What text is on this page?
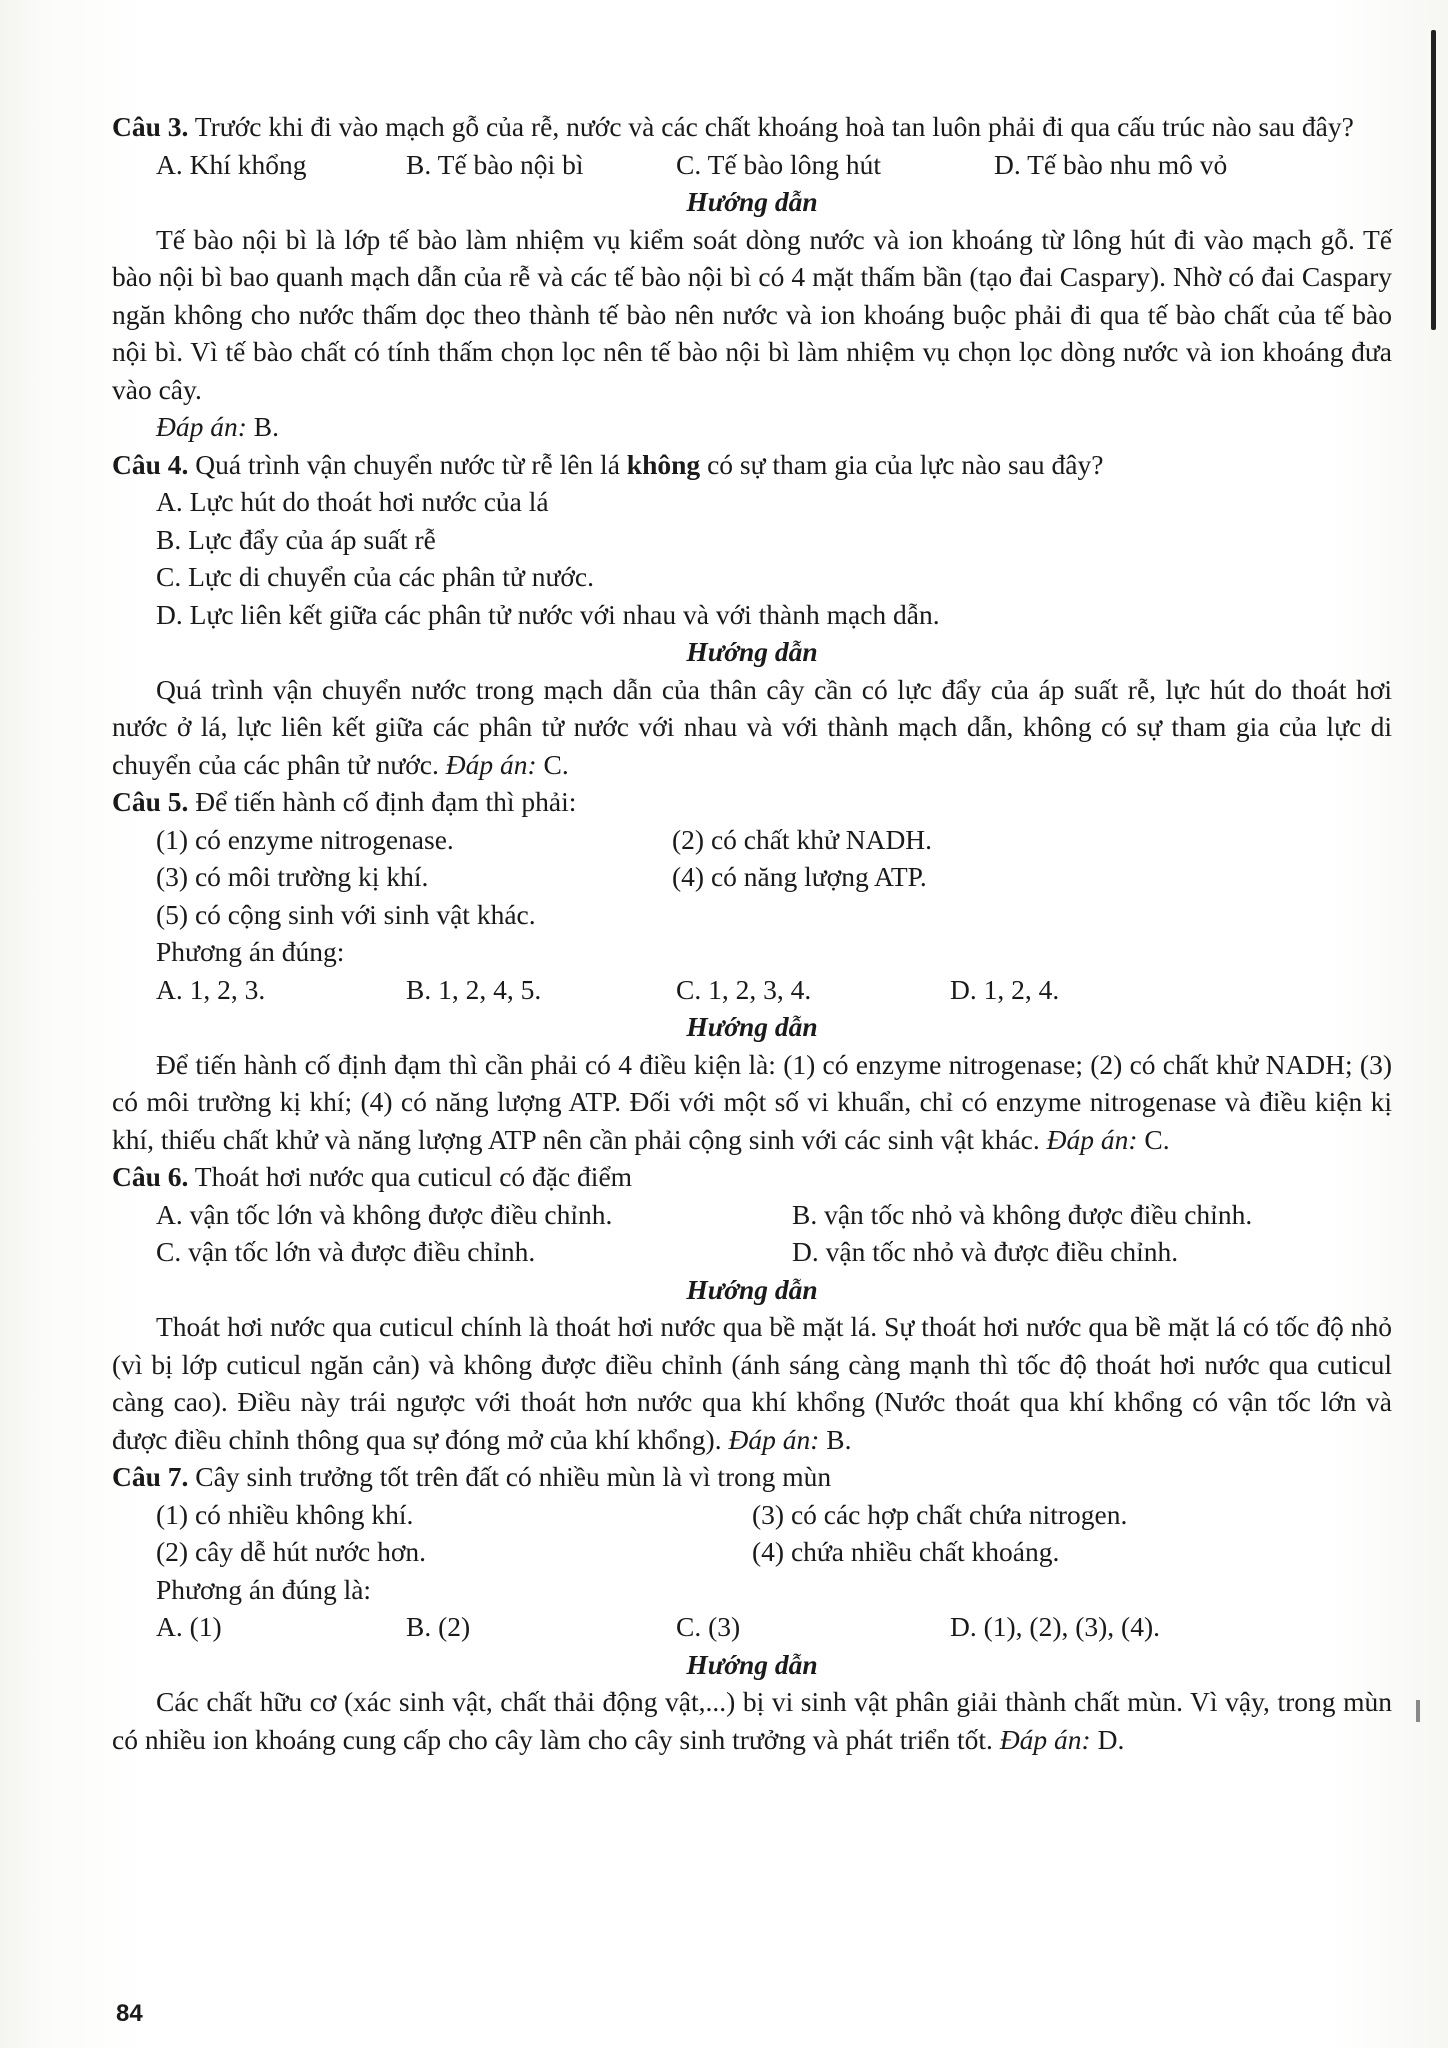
Câu 3. Trước khi đi vào mạch gỗ của rễ, nước và các chất khoáng hoà tan luôn phải đi qua cấu trúc nào sau đây?

A. Khí khổng	B. Tế bào nội bì	C. Tế bào lông hút	D. Tế bào nhu mô vỏ

Hướng dẫn

Tế bào nội bì là lớp tế bào làm nhiệm vụ kiểm soát dòng nước và ion khoáng từ lông hút đi vào mạch gỗ. Tế bào nội bì bao quanh mạch dẫn của rễ và các tế bào nội bì có 4 mặt thấm bần (tạo đai Caspary). Nhờ có đai Caspary ngăn không cho nước thấm dọc theo thành tế bào nên nước và ion khoáng buộc phải đi qua tế bào chất của tế bào nội bì. Vì tế bào chất có tính thấm chọn lọc nên tế bào nội bì làm nhiệm vụ chọn lọc dòng nước và ion khoáng đưa vào cây.

Đáp án: B.

Câu 4. Quá trình vận chuyển nước từ rễ lên lá không có sự tham gia của lực nào sau đây?

A. Lực hút do thoát hơi nước của lá

B. Lực đẩy của áp suất rễ

C. Lực di chuyển của các phân tử nước.

D. Lực liên kết giữa các phân tử nước với nhau và với thành mạch dẫn.

Hướng dẫn

Quá trình vận chuyển nước trong mạch dẫn của thân cây cần có lực đẩy của áp suất rễ, lực hút do thoát hơi nước ở lá, lực liên kết giữa các phân tử nước với nhau và với thành mạch dẫn, không có sự tham gia của lực di chuyển của các phân tử nước. Đáp án: C.

Câu 5. Để tiến hành cố định đạm thì phải:

(1) có enzyme nitrogenase.	(2) có chất khử NADH.
(3) có môi trường kị khí.	(4) có năng lượng ATP.

(5) có cộng sinh với sinh vật khác.

Phương án đúng:

A. 1, 2, 3.	B. 1, 2, 4, 5.	C. 1, 2, 3, 4.	D. 1, 2, 4.

Hướng dẫn

Để tiến hành cố định đạm thì cần phải có 4 điều kiện là: (1) có enzyme nitrogenase; (2) có chất khử NADH; (3) có môi trường kị khí; (4) có năng lượng ATP. Đối với một số vi khuẩn, chỉ có enzyme nitrogenase và điều kiện kị khí, thiếu chất khử và năng lượng ATP nên cần phải cộng sinh với các sinh vật khác. Đáp án: C.

Câu 6. Thoát hơi nước qua cuticul có đặc điểm

A. vận tốc lớn và không được điều chỉnh.	B. vận tốc nhỏ và không được điều chỉnh.
C. vận tốc lớn và được điều chỉnh.	D. vận tốc nhỏ và được điều chỉnh.

Hướng dẫn

Thoát hơi nước qua cuticul chính là thoát hơi nước qua bề mặt lá. Sự thoát hơi nước qua bề mặt lá có tốc độ nhỏ (vì bị lớp cuticul ngăn cản) và không được điều chỉnh (ánh sáng càng mạnh thì tốc độ thoát hơi nước qua cuticul càng cao). Điều này trái ngược với thoát hơn nước qua khí khổng (Nước thoát qua khí khổng có vận tốc lớn và được điều chỉnh thông qua sự đóng mở của khí khổng). Đáp án: B.

Câu 7. Cây sinh trưởng tốt trên đất có nhiều mùn là vì trong mùn

(1) có nhiều không khí.	(3) có các hợp chất chứa nitrogen.
(2) cây dễ hút nước hơn.	(4) chứa nhiều chất khoáng.

Phương án đúng là:

A. (1)	B. (2)	C. (3)	D. (1), (2), (3), (4).

Hướng dẫn

Các chất hữu cơ (xác sinh vật, chất thải động vật,...) bị vi sinh vật phân giải thành chất mùn. Vì vậy, trong mùn có nhiều ion khoáng cung cấp cho cây làm cho cây sinh trưởng và phát triển tốt. Đáp án: D.

84
